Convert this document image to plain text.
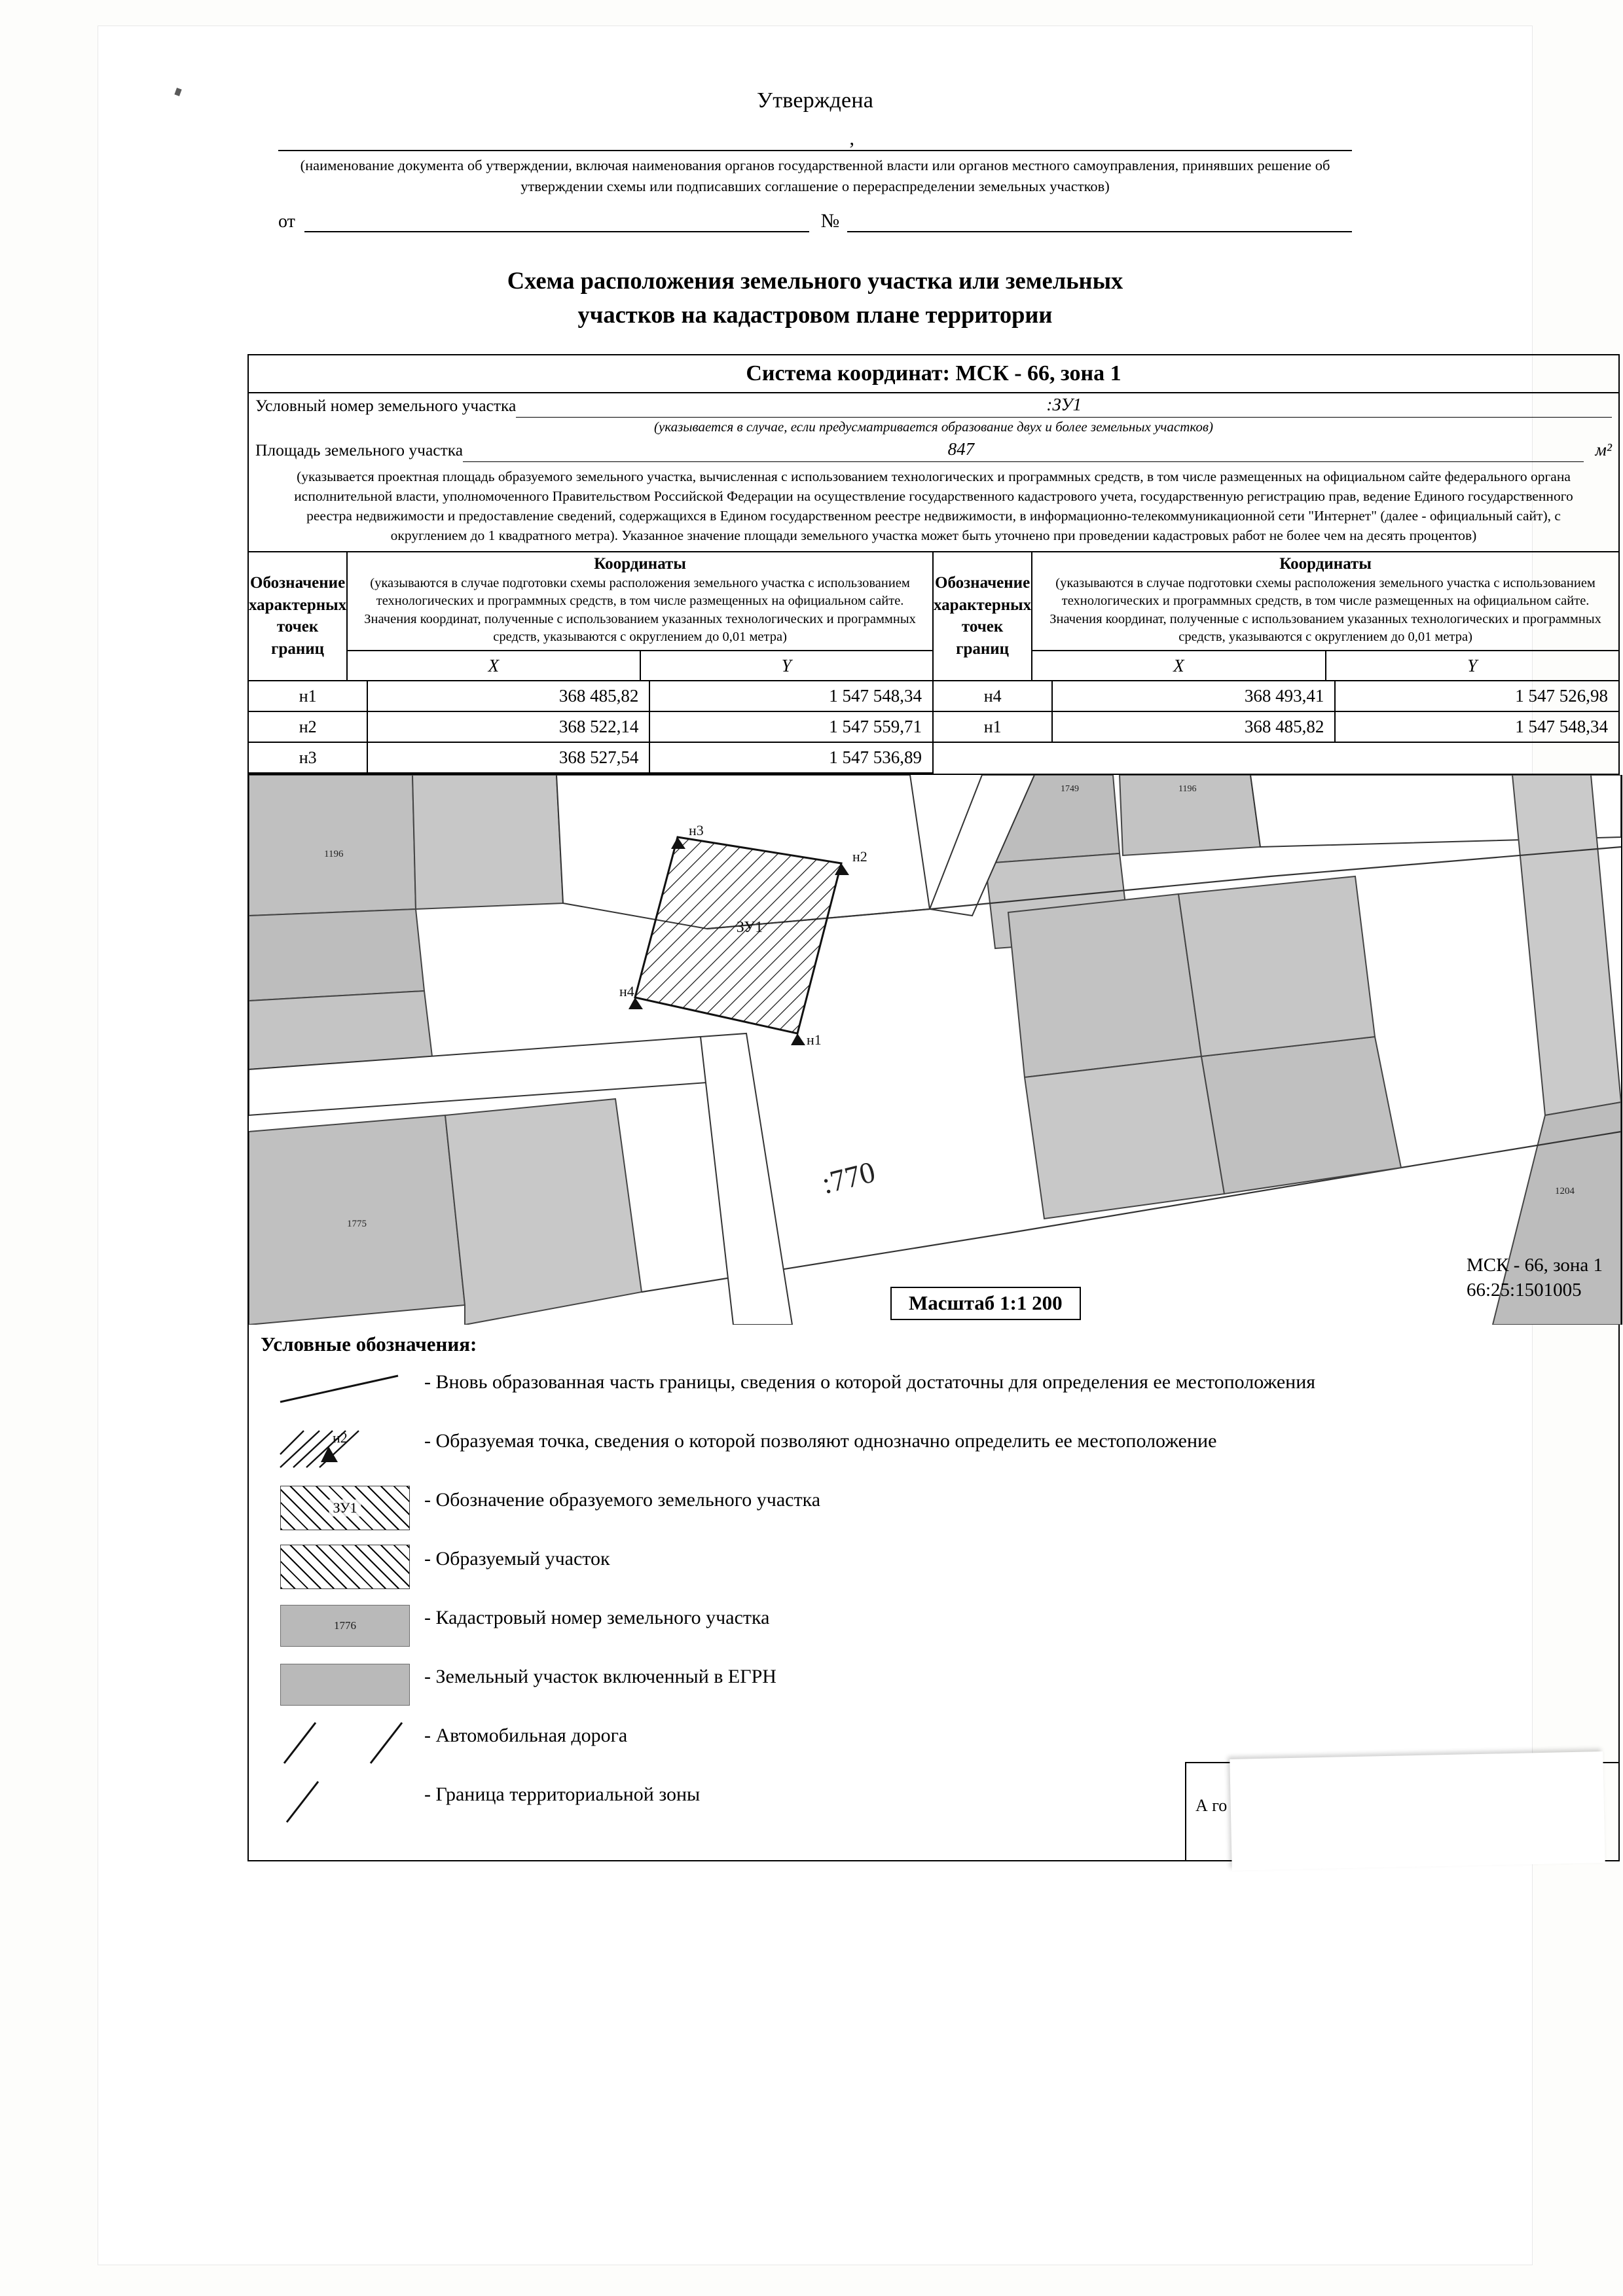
Утверждена
,
(наименование документа об утверждении, включая наименования органов государственной власти или органов местного самоуправления, принявших решение об утверждении схемы или подписавших соглашение о перераспределении земельных участков)
от	№
Схема расположения земельного участка или земельных
участков на кадастровом плане территории
Система координат: МСК - 66, зона 1
Условный номер земельного участка	:ЗУ1
(указывается в случае, если предусматривается образование двух и более земельных участков)
Площадь земельного участка	847	м²
(указывается проектная площадь образуемого земельного участка, вычисленная с использованием технологических и программных средств, в том числе размещенных на официальном сайте федерального органа исполнительной власти, уполномоченного Правительством Российской Федерации на осуществление государственного кадастрового учета, государственную регистрацию прав, ведение Единого государственного реестра недвижимости и предоставление сведений, содержащихся в Едином государственном реестре недвижимости, в информационно-телекоммуникационной сети "Интернет" (далее - официальный сайт), с округлением до 1 квадратного метра). Указанное значение площади земельного участка может быть уточнено при проведении кадастровых работ не более чем на десять процентов)
Обозначение характерных точек границ
Координаты
(указываются в случае подготовки схемы расположения земельного участка с использованием технологических и программных средств, в том числе размещенных на официальном сайте. Значения координат, полученные с использованием указанных технологических и программных средств, указываются с округлением до 0,01 метра)
X	Y
Обозначение характерных точек границ
Координаты
(указываются в случае подготовки схемы расположения земельного участка с использованием технологических и программных средств, в том числе размещенных на официальном сайте. Значения координат, полученные с использованием указанных технологических и программных средств, указываются с округлением до 0,01 метра)
X	Y
н1	368 485,82	1 547 548,34
н2	368 522,14	1 547 559,71
н3	368 527,54	1 547 536,89
н4	368 493,41	1 547 526,98
н1	368 485,82	1 547 548,34
1775
1196
1749	1196
1204
:770
ЗУ1
н3
н2
н1
н4
Масштаб 1:1 200
МСК - 66, зона 1
66:25:1501005
Условные обозначения:
- Вновь образованная часть границы, сведения о которой достаточны для определения ее местоположения
н2	- Образуемая точка, сведения о которой позволяют однозначно определить ее местоположение
ЗУ1
- Обозначение образуемого земельного участка
- Образуемый участок
1776
- Кадастровый номер земельного участка
- Земельный участок включенный в ЕГРН
- Автомобильная дорога
- Граница территориальной зоны
А го
